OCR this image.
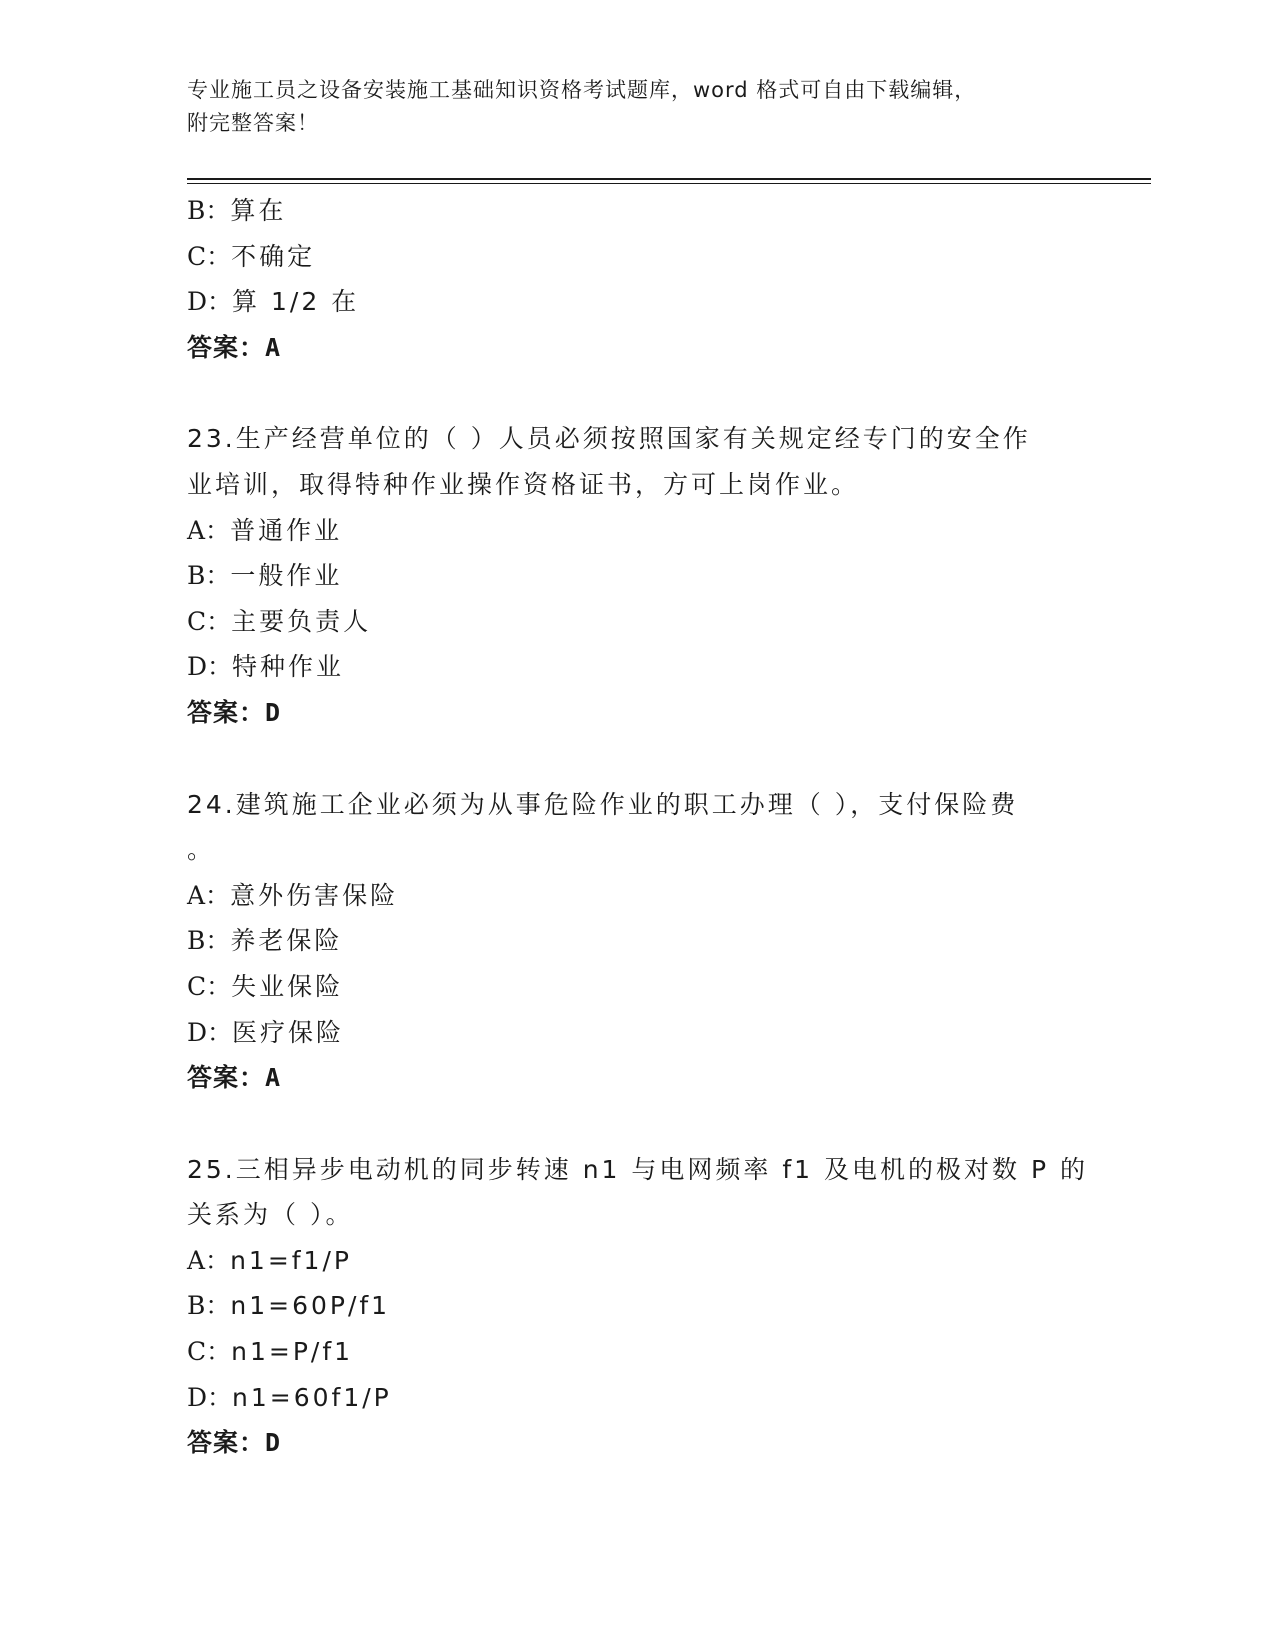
专业施工员之设备安装施工基础知识资格考试题库，word 格式可自由下载编辑，
附完整答案！
B：算在
C：不确定
D：算 1/2 在
答案：A
23.生产经营单位的（ ）人员必须按照国家有关规定经专门的安全作
业培训，取得特种作业操作资格证书，方可上岗作业。
A：普通作业
B：一般作业
C：主要负责人
D：特种作业
答案：D
24.建筑施工企业必须为从事危险作业的职工办理（ ），支付保险费
。
A：意外伤害保险
B：养老保险
C：失业保险
D：医疗保险
答案：A
25.三相异步电动机的同步转速 n1 与电网频率 f1 及电机的极对数 P 的
关系为（ ）。
A：n1=f1/P
B：n1=60P/f1
C：n1=P/f1
D：n1=60f1/P
答案：D
